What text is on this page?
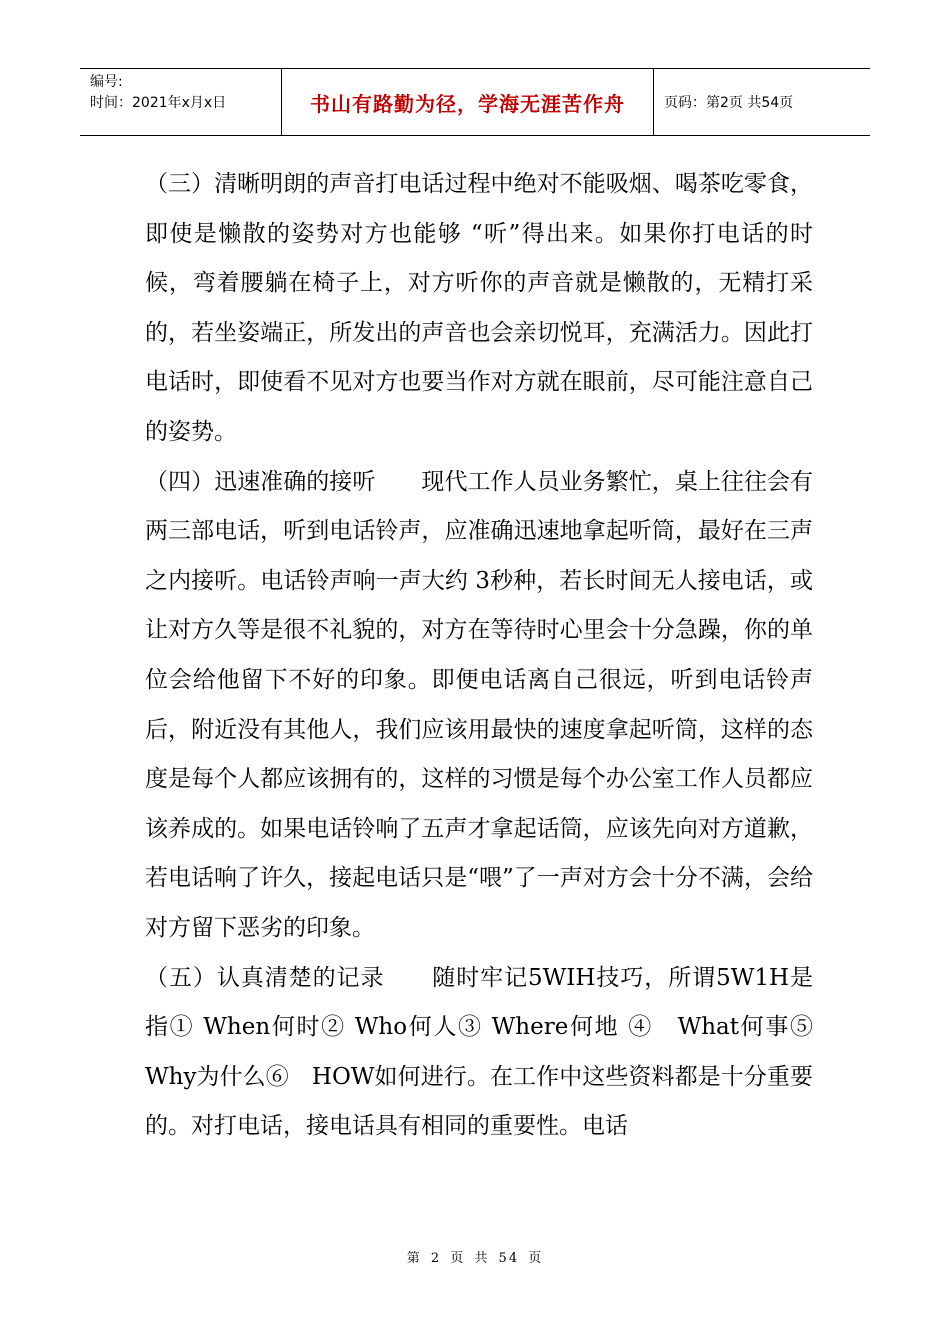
编号:
时间：2021年x月x日	书山有路勤为径，学海无涯苦作舟	页码：第2页 共54页

（三）清晰明朗的声音打电话过程中绝对不能吸烟、喝茶吃零食，即使是懒散的姿势对方也能够 “听”得出来。如果你打电话的时候，弯着腰躺在椅子上，对方听你的声音就是懒散的，无精打采的，若坐姿端正，所发出的声音也会亲切悦耳，充满活力。因此打电话时，即使看不见对方也要当作对方就在眼前，尽可能注意自己的姿势。

（四）迅速准确的接听　　现代工作人员业务繁忙，桌上往往会有两三部电话，听到电话铃声，应准确迅速地拿起听筒，最好在三声之内接听。电话铃声响一声大约 3秒种，若长时间无人接电话，或让对方久等是很不礼貌的，对方在等待时心里会十分急躁，你的单位会给他留下不好的印象。即便电话离自己很远，听到电话铃声后，附近没有其他人，我们应该用最快的速度拿起听筒，这样的态度是每个人都应该拥有的，这样的习惯是每个办公室工作人员都应该养成的。如果电话铃响了五声才拿起话筒，应该先向对方道歉，若电话响了许久，接起电话只是“喂”了一声对方会十分不满，会给对方留下恶劣的印象。

（五）认真清楚的记录　　随时牢记5WIH技巧，所谓5W1H是指① When何时② Who何人③ Where何地 ④　What何事⑤　Why为什么⑥　HOW如何进行。在工作中这些资料都是十分重要的。对打电话，接电话具有相同的重要性。电话

第 2 页 共 54 页
